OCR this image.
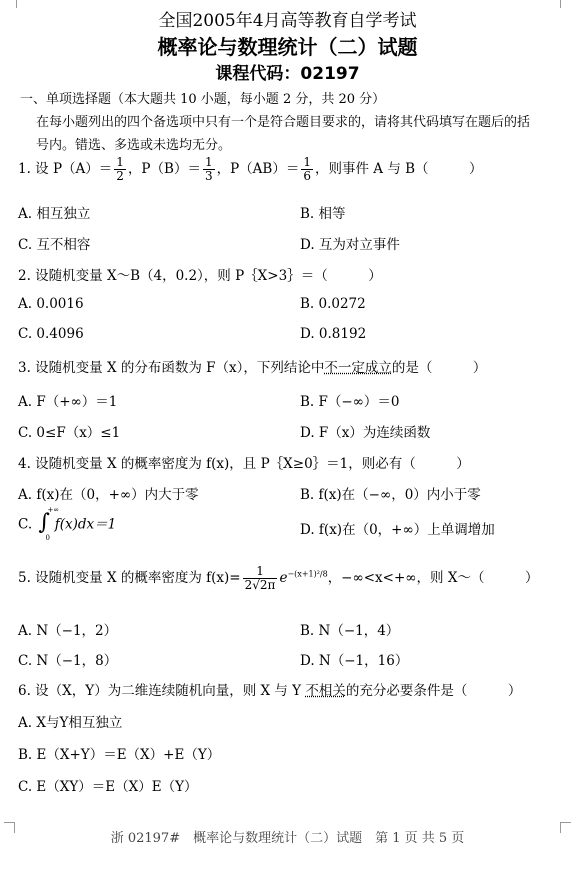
全国2005年4月高等教育自学考试
概率论与数理统计（二）试题
课程代码：02197
一、单项选择题（本大题共 10 小题，每小题 2 分，共 20 分）
在每小题列出的四个备选项中只有一个是符合题目要求的，请将其代码填写在题后的括
号内。错选、多选或未选均无分。
1. 设 $P(A)= \frac{1}{2}$ ，$P(B)= \frac{1}{3}$ ，$P(AB)= \frac{1}{6}$ ，则事件 A 与 B（　　　）
A. 相互独立	B. 相等
C. 互不相容	D. 互为对立事件
2. 设随机变量 X～B（4，0.2），则 P｛X>3｝＝（　　　）
A. 0.0016	B. 0.0272
C. 0.4096	D. 0.8192
3. 设随机变量 X 的分布函数为 F（x），下列结论中不一定成立的是（　　　）
A. F（+∞）＝1	B. F（−∞）＝0
C. 0≤F（x）≤1	D. F（x）为连续函数
4. 设随机变量 X 的概率密度为 f(x)，且 P｛X≥0｝＝1，则必有（　　　）
A. f(x)在（0，+∞）内大于零	B. f(x)在（−∞，0）内小于零
C. ∫
+∞
0
f(x)dx＝1	D. f(x)在（0，+∞）上单调增加
5. 设随机变量 X 的概率密度为 $f(x)= \frac{1}{2√2\pi} e^{-(x+1)^2/8}$，−∞<x<+∞，则 X～（　　　）
A. N（−1，2）	B. N（−1，4）
C. N（−1，8）	D. N（−1，16）
6. 设（X，Y）为二维连续随机向量，则 X 与 Y 不相关的充分必要条件是（　　　）
A. X与Y相互独立
B. E（X+Y）＝E（X）+E（Y）
C. E（XY）＝E（X）E（Y）
浙 02197#　概率论与数理统计（二）试题　第 1 页 共 5 页
